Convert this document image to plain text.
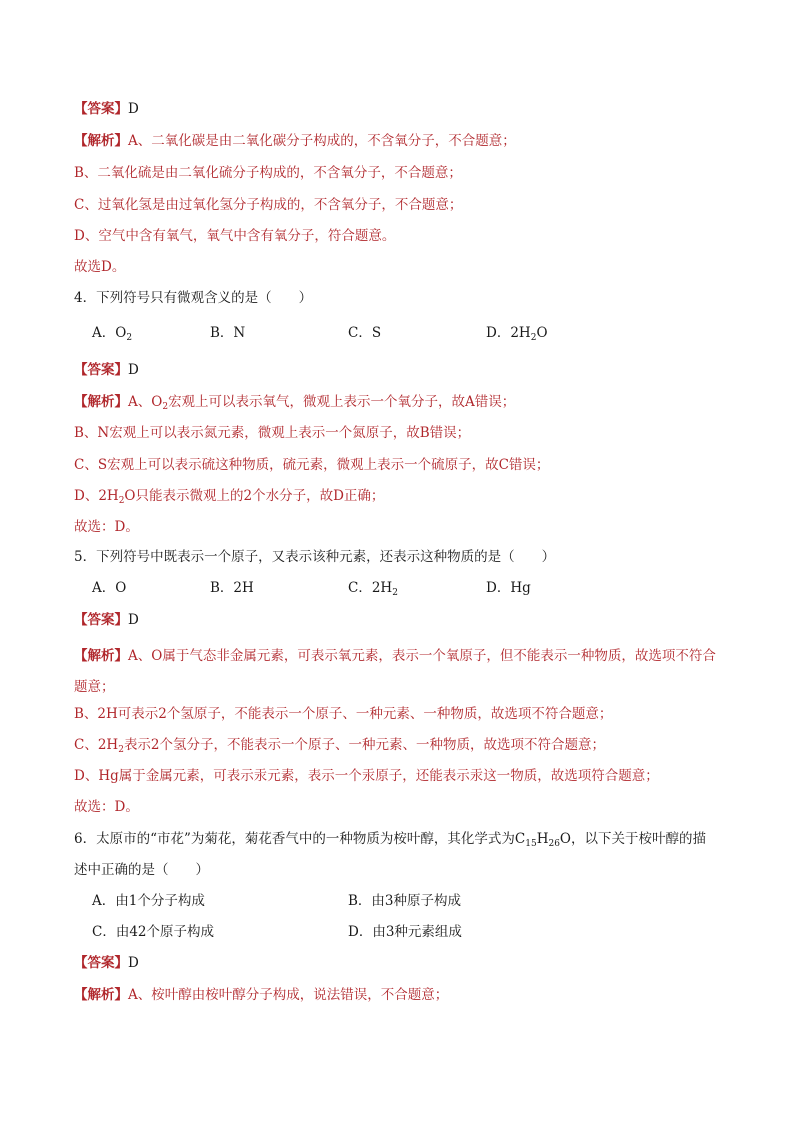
【答案】D
【解析】A、二氧化碳是由二氧化碳分子构成的，不含氧分子，不合题意；
B、二氧化硫是由二氧化硫分子构成的，不含氧分子，不合题意；
C、过氧化氢是由过氧化氢分子构成的，不含氧分子，不合题意；
D、空气中含有氧气，氧气中含有氧分子，符合题意。
故选D。
4．下列符号只有微观含义的是（　　）
A．$O_2$	B．N	C．S	D．$2H_2O$
【答案】D
【解析】A、$O_2$宏观上可以表示氧气，微观上表示一个氧分子，故A错误；
B、N宏观上可以表示氮元素，微观上表示一个氮原子，故B错误；
C、S宏观上可以表示硫这种物质，硫元素，微观上表示一个硫原子，故C错误；
D、$2H_2O$只能表示微观上的2个水分子，故D正确；
故选：D。
5．下列符号中既表示一个原子，又表示该种元素，还表示这种物质的是（　　）
A．O	B．2H	C．$2H_2$	D．Hg
【答案】D
【解析】A、O属于气态非金属元素，可表示氧元素，表示一个氧原子，但不能表示一种物质，故选项不符合题意；
B、2H可表示2个氢原子，不能表示一个原子、一种元素、一种物质，故选项不符合题意；
C、$2H_2$表示2个氢分子，不能表示一个原子、一种元素、一种物质，故选项不符合题意；
D、Hg属于金属元素，可表示汞元素，表示一个汞原子，还能表示汞这一物质，故选项符合题意；
故选：D。
6．太原市的“市花”为菊花，菊花香气中的一种物质为桉叶醇，其化学式为$C_{15}H_{26}O$，以下关于桉叶醇的描
述中正确的是（　　）
A．由1个分子构成	B．由3种原子构成
C．由42个原子构成	D．由3种元素组成
【答案】D
【解析】A、桉叶醇由桉叶醇分子构成，说法错误，不合题意；
